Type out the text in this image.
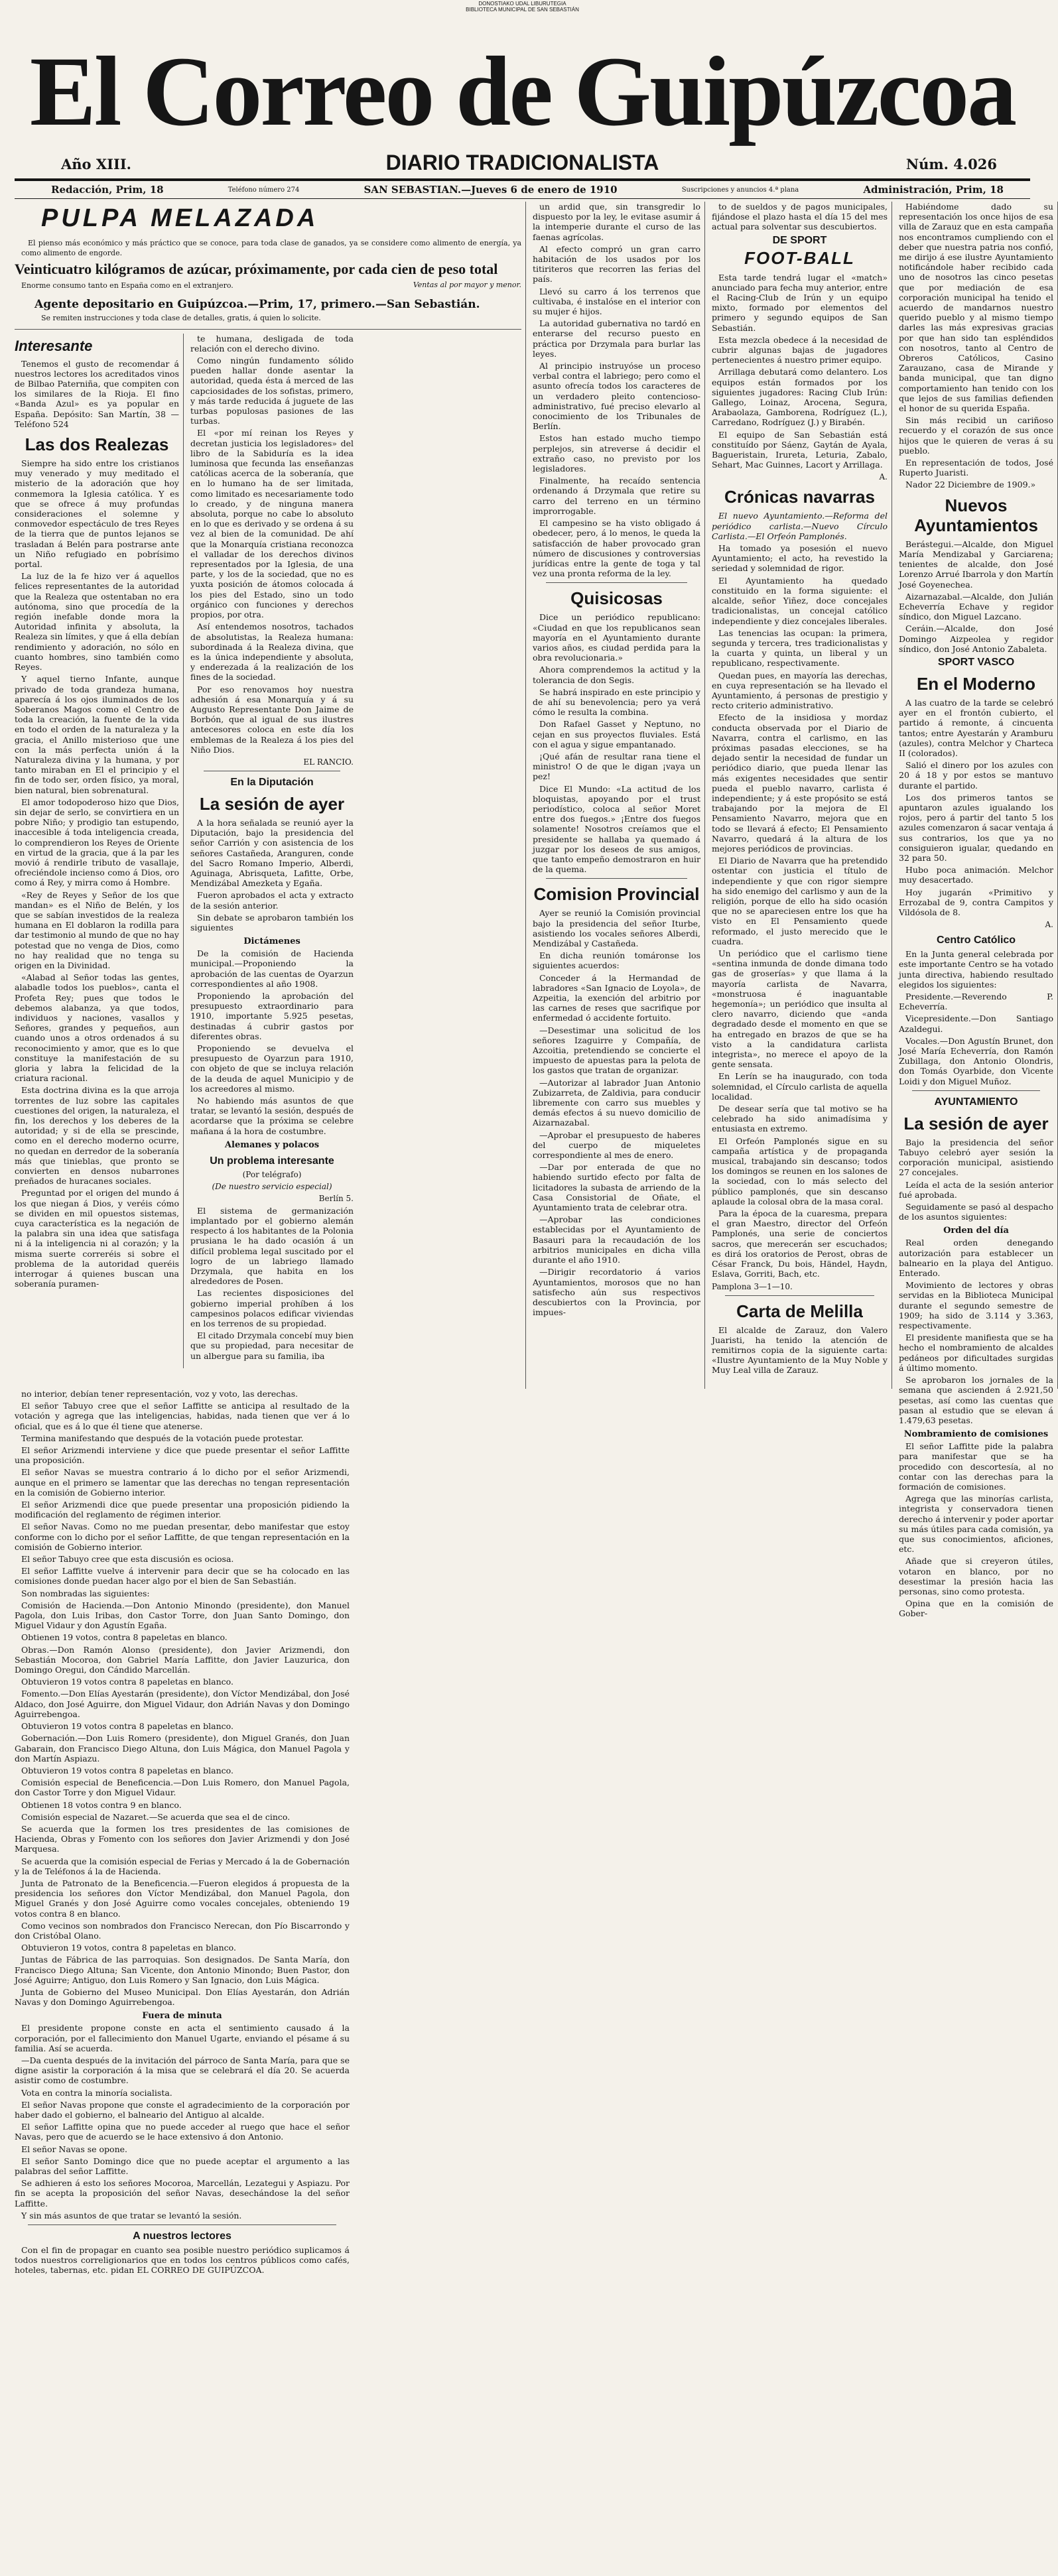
DONOSTIAKO UDAL LIBURUTEGIA
BIBLIOTECA MUNICIPAL DE SAN SEBASTIÁN
El Correo de Guipúzcoa
Año XIII.	DIARIO TRADICIONALISTA	Núm. 4.026
Redacción, Prim, 18	Teléfono número 274	SAN SEBASTIAN.—Jueves 6 de enero de 1910	Suscripciones y anuncios 4.ª plana	Administración, Prim, 18
PULPA MELAZADA

El pienso más económico y más práctico que se conoce, para toda clase de ganados, ya se considere como alimento de energía, ya como alimento de engorde.

Veinticuatro kilógramos de azúcar, próximamente, por cada cien de peso total
Ventas al por mayor y menor.

Enorme consumo tanto en España como en el extranjero.

Agente depositario en Guipúzcoa.—Prim, 17, primero.—San Sebastián.
Se remiten instrucciones y toda clase de detalles, gratis, á quien lo solicite.
Interesante

Tenemos el gusto de recomendar á nuestros lectores los acreditados vinos de Bilbao Paterniña, que compiten con los similares de la Rioja. El fino «Banda Azul» es ya popular en España. Depósito: San Martín, 38 — Teléfono 524

Las dos Realezas

Siempre ha sido entre los cristianos muy venerado y muy meditado el misterio de la adoración que hoy conmemora la Iglesia católica. Y es que se ofrece á muy profundas consideraciones el solemne y conmovedor espectáculo de tres Reyes de la tierra que de puntos lejanos se trasladan á Belén para postrarse ante un Niño refugiado en pobrísimo portal.

La luz de la fe hizo ver á aquellos felices representantes de la autoridad que la Realeza que ostentaban no era autónoma, sino que procedía de la región inefable donde mora la Autoridad infinita y absoluta, la Realeza sin límites, y que á ella debían rendimiento y adoración, no sólo en cuanto hombres, sino también como Reyes.

Y aquel tierno Infante, aunque privado de toda grandeza humana, aparecía á los ojos iluminados de los Soberanos Magos como el Centro de toda la creación, la fuente de la vida en todo el orden de la naturaleza y la gracia, el Anillo misterioso que une con la más perfecta unión á la Naturaleza divina y la humana, y por tanto miraban en El el principio y el fin de todo ser, orden físico, ya moral, bien natural, bien sobrenatural.

El amor todopoderoso hizo que Dios, sin dejar de serlo, se convirtiera en un pobre Niño; y prodigio tan estupendo, inaccesible á toda inteligencia creada, lo comprendieron los Reyes de Oriente en virtud de la gracia, que á la par les movió á rendirle tributo de vasallaje, ofreciéndole incienso como á Dios, oro como á Rey, y mirra como á Hombre.

«Rey de Reyes y Señor de los que mandan» es el Niño de Belén, y los que se sabían investidos de la realeza humana en El doblaron la rodilla para dar testimonio al mundo de que no hay potestad que no venga de Dios, como no hay realidad que no tenga su origen en la Divinidad.

«Alabad al Señor todas las gentes, alabadle todos los pueblos», canta el Profeta Rey; pues que todos le debemos alabanza, ya que todos, individuos y naciones, vasallos y Señores, grandes y pequeños, aun cuando unos a otros ordenados á su reconocimiento y amor, que es lo que constituye la manifestación de su gloria y labra la felicidad de la criatura racional.

Esta doctrina divina es la que arroja torrentes de luz sobre las capitales cuestiones del origen, la naturaleza, el fin, los derechos y los deberes de la autoridad; y si de ella se prescinde, como en el derecho moderno ocurre, no quedan en derredor de la soberanía más que tinieblas, que pronto se convierten en densos nubarrones preñados de huracanes sociales.

Preguntad por el origen del mundo á los que niegan á Dios, y veréis cómo se dividen en mil opuestos sistemas, cuya característica es la negación de la palabra sin una idea que satisfaga ni á la inteligencia ni al corazón; y la misma suerte correréis si sobre el problema de la autoridad queréis interrogar á quienes buscan una soberanía puramen-

te humana, desligada de toda relación con el derecho divino.

Como ningún fundamento sólido pueden hallar donde asentar la autoridad, queda ésta á merced de las capciosidades de los sofistas, primero, y más tarde reducida á juguete de las turbas populosas pasiones de las turbas.

El «por mí reinan los Reyes y decretan justicia los legisladores» del libro de la Sabiduría es la idea luminosa que fecunda las enseñanzas católicas acerca de la soberanía, que en lo humano ha de ser limitada, como limitado es necesariamente todo lo creado, y de ninguna manera absoluta, porque no cabe lo absoluto en lo que es derivado y se ordena á su vez al bien de la comunidad. De ahí que la Monarquía cristiana reconozca el valladar de los derechos divinos representados por la Iglesia, de una parte, y los de la sociedad, que no es yuxta posición de átomos colocada á los pies del Estado, sino un todo orgánico con funciones y derechos propios, por otra.

Así entendemos nosotros, tachados de absolutistas, la Realeza humana: subordinada á la Realeza divina, que es la única independiente y absoluta, y enderezada á la realización de los fines de la sociedad.

Por eso renovamos hoy nuestra adhesión á esa Monarquía y á su Augusto Representante Don Jaime de Borbón, que al igual de sus ilustres antecesores coloca en este día los emblemas de la Realeza á los pies del Niño Dios.

EL RANCIO.
En la Diputación
La sesión de ayer

A la hora señalada se reunió ayer la Diputación, bajo la presidencia del señor Carrión y con asistencia de los señores Castañeda, Aranguren, conde del Sacro Romano Imperio, Alberdi, Aguinaga, Abrisqueta, Lafitte, Orbe, Mendizábal Amezketa y Egaña.

Fueron aprobados el acta y extracto de la sesión anterior.

Sin debate se aprobaron también los siguientes

Dictámenes

De la comisión de Hacienda municipal.—Proponiendo la aprobación de las cuentas de Oyarzun correspondientes al año 1908.

Proponiendo la aprobación del presupuesto extraordinario para 1910, importante 5.925 pesetas, destinadas á cubrir gastos por diferentes obras.

Proponiendo se devuelva el presupuesto de Oyarzun para 1910, con objeto de que se incluya relación de la deuda de aquel Municipio y de los acreedores al mismo.

No habiendo más asuntos de que tratar, se levantó la sesión, después de acordarse que la próxima se celebre mañana á la hora de costumbre.

Alemanes y polacos
Un problema interesante
(Por telégrafo)
(De nuestro servicio especial)
Berlín 5.

El sistema de germanización implantado por el gobierno alemán respecto á los habitantes de la Polonia prusiana le ha dado ocasión á un difícil problema legal suscitado por el logro de un labriego llamado Drzymala, que habita en los alrededores de Posen.

Las recientes disposiciones del gobierno imperial prohíben á los campesinos polacos edificar viviendas en los terrenos de su propiedad.

El citado Drzymala concebí muy bien que su propiedad, para necesitar de un albergue para su familia, iba

un ardid que, sin transgredir lo dispuesto por la ley, le evitase asumir á la intemperie durante el curso de las faenas agrícolas.

Al efecto compró un gran carro habitación de los usados por los titiriteros que recorren las ferias del país.

Llevó su carro á los terrenos que cultivaba, é instalóse en el interior con su mujer é hijos.

La autoridad gubernativa no tardó en enterarse del recurso puesto en práctica por Drzymala para burlar las leyes.

Al principio instruyóse un proceso verbal contra el labriego; pero como el asunto ofrecía todos los caracteres de un verdadero pleito contencioso-administrativo, fué preciso elevarlo al conocimiento de los Tribunales de Berlín.

Estos han estado mucho tiempo perplejos, sin atreverse á decidir el extraño caso, no previsto por los legisladores.

Finalmente, ha recaído sentencia ordenando á Drzymala que retire su carro del terreno en un término improrrogable.

El campesino se ha visto obligado á obedecer, pero, á lo menos, le queda la satisfacción de haber provocado gran número de discusiones y controversias jurídicas entre la gente de toga y tal vez una pronta reforma de la ley.

Quisicosas

Dice un periódico republicano: «Ciudad en que los republicanos sean mayoría en el Ayuntamiento durante varios años, es ciudad perdida para la obra revolucionaria.»

Ahora comprendemos la actitud y la tolerancia de don Segis.

Se habrá inspirado en este principio y de ahí su benevolencia; pero ya verá cómo le resulta la combina.

Don Rafael Gasset y Neptuno, no cejan en sus proyectos fluviales. Está con el agua y sigue empantanado.

¡Qué afán de resultar rana tiene el ministro! O de que le digan ¡vaya un pez!

Dice El Mundo: «La actitud de los bloquistas, apoyando por el trust periodístico, coloca al señor Moret entre dos fuegos.» ¡Entre dos fuegos solamente! Nosotros creíamos que el presidente se hallaba ya quemado á juzgar por los deseos de sus amigos, que tanto empeño demostraron en huir de la quema.

Comision Provincial

Ayer se reunió la Comisión provincial bajo la presidencia del señor Iturbe, asistiendo los vocales señores Alberdi, Mendizábal y Castañeda.

En dicha reunión tomáronse los siguientes acuerdos:

Conceder á la Hermandad de labradores «San Ignacio de Loyola», de Azpeitia, la exención del arbitrio por las carnes de reses que sacrifique por enfermedad ó accidente fortuito.

—Desestimar una solicitud de los señores Izaguirre y Compañía, de Azcoitia, pretendiendo se concierte el impuesto de apuestas para la pelota de los gastos que tratan de organizar.

—Autorizar al labrador Juan Antonio Zubizarreta, de Zaldivia, para conducir libremente con carro sus muebles y demás efectos á su nuevo domicilio de Aizarnazabal.

—Aprobar el presupuesto de haberes del cuerpo de miqueletes correspondiente al mes de enero.

—Dar por enterada de que no habiendo surtido efecto por falta de licitadores la subasta de arriendo de la Casa Consistorial de Oñate, el Ayuntamiento trata de celebrar otra.

—Aprobar las condiciones establecidas por el Ayuntamiento de Basauri para la recaudación de los arbitrios municipales en dicha villa durante el año 1910.

—Dirigir recordatorio á varios Ayuntamientos, morosos que no han satisfecho aún sus respectivos descubiertos con la Provincia, por impues-

to de sueldos y de pagos municipales, fijándose el plazo hasta el día 15 del mes actual para solventar sus descubiertos.

DE SPORT
FOOT-BALL

Esta tarde tendrá lugar el «match» anunciado para fecha muy anterior, entre el Racing-Club de Irún y un equipo mixto, formado por elementos del primero y segundo equipos de San Sebastián.

Esta mezcla obedece á la necesidad de cubrir algunas bajas de jugadores pertenecientes á nuestro primer equipo.

Arrillaga debutará como delantero. Los equipos están formados por los siguientes jugadores: Racing Club Irún: Gallego, Loinaz, Arocena, Segura, Arabaolaza, Gamborena, Rodríguez (L.), Carredano, Rodríguez (J.) y Birabén.

El equipo de San Sebastián está constituído por Sáenz, Gaytán de Ayala, Bagueristain, Irureta, Leturia, Zabalo, Sehart, Mac Guinnes, Lacort y Arrillaga.

A.
Crónicas navarras

El nuevo Ayuntamiento.—Reforma del periódico carlista.—Nuevo Círculo Carlista.—El Orfeón Pamplonés.

Ha tomado ya posesión el nuevo Ayuntamiento; el acto, ha revestido la seriedad y solemnidad de rigor.

El Ayuntamiento ha quedado constituido en la forma siguiente: el alcalde, señor Yiñez, doce concejales tradicionalistas, un concejal católico independiente y diez concejales liberales.

Las tenencias las ocupan: la primera, segunda y tercera, tres tradicionalistas y la cuarta y quinta, un liberal y un republicano, respectivamente.

Quedan pues, en mayoría las derechas, en cuya representación se ha llevado el Ayuntamiento, á personas de prestigio y recto criterio administrativo.

Efecto de la insidiosa y mordaz conducta observada por el Diario de Navarra, contra el carlismo, en las próximas pasadas elecciones, se ha dejado sentir la necesidad de fundar un periódico diario, que pueda llenar las más exigentes necesidades que sentir pueda el pueblo navarro, carlista é independiente; y á este propósito se está trabajando por la mejora de El Pensamiento Navarro, mejora que en todo se llevará á efecto; El Pensamiento Navarro, quedará á la altura de los mejores periódicos de provincias.

El Diario de Navarra que ha pretendido ostentar con justicia el título de independiente y que con rigor siempre ha sido enemigo del carlismo y aun de la religión, porque de ello ha sido ocasión que no se apareciesen entre los que ha visto en El Pensamiento quede reformado, el justo merecido que le cuadra.

Un periódico que el carlismo tiene «sentina inmunda de donde dimana todo gas de groserías» y que llama á la mayoría carlista de Navarra, «monstruosa é inaguantable hegemonía»; un periódico que insulta al clero navarro, diciendo que «anda degradado desde el momento en que se ha entregado en brazos de que se ha visto a la candidatura carlista integrista», no merece el apoyo de la gente sensata.

En Lerín se ha inaugurado, con toda solemnidad, el Círculo carlista de aquella localidad.

De desear sería que tal motivo se ha celebrado ha sido animadísima y entusiasta en extremo.

El Orfeón Pamplonés sigue en su campaña artística y de propaganda musical, trabajando sin descanso; todos los domingos se reunen en los salones de la sociedad, con lo más selecto del público pamplonés, que sin descanso aplaude la colosal obra de la masa coral.

Para la época de la cuaresma, prepara el gran Maestro, director del Orfeón Pamplonés, una serie de conciertos sacros, que merecerán ser escuchados; es dirá los oratorios de Perost, obras de César Franck, Du bois, Händel, Haydn, Eslava, Gorriti, Bach, etc.

Pamplona 3—1—10.
Carta de Melilla

El alcalde de Zarauz, don Valero Juaristi, ha tenido la atención de remitirnos copia de la siguiente carta: «Ilustre Ayuntamiento de la Muy Noble y Muy Leal villa de Zarauz.

Habiéndome dado su representación los once hijos de esa villa de Zarauz que en esta campaña nos encontramos cumpliendo con el deber que nuestra patria nos confió, me dirijo á ese ilustre Ayuntamiento notificándole haber recibido cada uno de nosotros las cinco pesetas que por mediación de esa corporación municipal ha tenido el acuerdo de mandarnos nuestro querido pueblo y al mismo tiempo darles las más expresivas gracias por que han sido tan espléndidos con nosotros, tanto al Centro de Obreros Católicos, Casino Zarauzano, casa de Mirande y banda municipal, que tan digno comportamiento han tenido con los que lejos de sus familias defienden el honor de su querida España.

Sin más recibid un cariñoso recuerdo y el corazón de sus once hijos que le quieren de veras á su pueblo.

En representación de todos, José Ruperto Juaristi.

Nador 22 Diciembre de 1909.»

Nuevos Ayuntamientos

Berástegui.—Alcalde, don Miguel María Mendizabal y Garciarena; tenientes de alcalde, don José Lorenzo Arrué Ibarrola y don Martín José Goyenechea.

Aizarnazabal.—Alcalde, don Julián Echeverría Echave y regidor síndico, don Miguel Lazcano.

Ceráin.—Alcalde, don José Domingo Aizpeolea y regidor síndico, don José Antonio Zabaleta.

SPORT VASCO
En el Moderno

A las cuatro de la tarde se celebró ayer en el frontón cubierto, el partido á remonte, á cincuenta tantos; entre Ayestarán y Aramburu (azules), contra Melchor y Charteca II (colorados).

Salió el dinero por los azules con 20 á 18 y por estos se mantuvo durante el partido.

Los dos primeros tantos se apuntaron azules igualando los rojos, pero á partir del tanto 5 los azules comenzaron á sacar ventaja á sus contrarios, los que ya no consiguieron igualar, quedando en 32 para 50.

Hubo poca animación. Melchor muy desacertado.

Hoy jugarán «Primitivo y Errozabal de 9, contra Campitos y Vildósola de 8.

A.
Centro Católico

En la Junta general celebrada por este importante Centro se ha votado junta directiva, habiendo resultado elegidos los siguientes:

Presidente.—Reverendo P. Echeverría.

Vicepresidente.—Don Santiago Azaldegui.

Vocales.—Don Agustín Brunet, don José María Echeverría, don Ramón Zubillaga, don Antonio Olondris, don Tomás Oyarbide, don Vicente Loidi y don Miguel Muñoz.

AYUNTAMIENTO
La sesión de ayer

Bajo la presidencia del señor Tabuyo celebró ayer sesión la corporación municipal, asistiendo 27 concejales.

Leída el acta de la sesión anterior fué aprobada.

Seguidamente se pasó al despacho de los asuntos siguientes:

Orden del día

Real orden denegando autorización para establecer un balneario en la playa del Antiguo. Enterado.

Movimiento de lectores y obras servidas en la Biblioteca Municipal durante el segundo semestre de 1909; ha sido de 3.114 y 3.363, respectivamente.

El presidente manifiesta que se ha hecho el nombramiento de alcaldes pedáneos por dificultades surgidas á último momento.

Se aprobaron los jornales de la semana que ascienden á 2.921,50 pesetas, así como las cuentas que pasan al estudio que se elevan á 1.479,63 pesetas.

Nombramiento de comisiones

El señor Laffitte pide la palabra para manifestar que se ha procedido con descortesía, al no contar con las derechas para la formación de comisiones.

Agrega que las minorías carlista, integrista y conservadora tienen derecho á intervenir y poder aportar su más útiles para cada comisión, ya que sus conocimientos, aficiones, etc.

Añade que si creyeron útiles, votaron en blanco, por no desestimar la presión hacia las personas, sino como protesta.

Opina que en la comisión de Gober-

no interior, debían tener representación, voz y voto, las derechas.

El señor Tabuyo cree que el señor Laffitte se anticipa al resultado de la votación y agrega que las inteligencias, habidas, nada tienen que ver á lo oficial, que es á lo que él tiene que atenerse.

Termina manifestando que después de la votación puede protestar.

El señor Arizmendi interviene y dice que puede presentar el señor Laffitte una proposición.

El señor Navas se muestra contrario á lo dicho por el señor Arizmendi, aunque en el primero se lamentar que las derechas no tengan representación en la comisión de Gobierno interior.

El señor Arizmendi dice que puede presentar una proposición pidiendo la modificación del reglamento de régimen interior.

El señor Navas. Como no me puedan presentar, debo manifestar que estoy conforme con lo dicho por el señor Laffitte, de que tengan representación en la comisión de Gobierno interior.

El señor Tabuyo cree que esta discusión es ociosa.

El señor Laffitte vuelve á intervenir para decir que se ha colocado en las comisiones donde puedan hacer algo por el bien de San Sebastián.

Son nombradas las siguientes:

Comisión de Hacienda.—Don Antonio Minondo (presidente), don Manuel Pagola, don Luis Iribas, don Castor Torre, don Juan Santo Domingo, don Miguel Vidaur y don Agustín Egaña.

Obtienen 19 votos, contra 8 papeletas en blanco.

Obras.—Don Ramón Alonso (presidente), don Javier Arizmendi, don Sebastián Mocoroa, don Gabriel María Laffitte, don Javier Lauzurica, don Domingo Oregui, don Cándido Marcellán.

Obtuvieron 19 votos contra 8 papeletas en blanco.

Fomento.—Don Elías Ayestarán (presidente), don Víctor Mendizábal, don José Aldaco, don José Aguirre, don Miguel Vidaur, don Adrián Navas y don Domingo Aguirrebengoa.

Obtuvieron 19 votos contra 8 papeletas en blanco.

Gobernación.—Don Luis Romero (presidente), don Miguel Granés, don Juan Gabarain, don Francisco Diego Altuna, don Luis Mágica, don Manuel Pagola y don Martín Aspiazu.

Obtuvieron 19 votos contra 8 papeletas en blanco.

Comisión especial de Beneficencia.—Don Luis Romero, don Manuel Pagola, don Castor Torre y don Miguel Vidaur.

Obtienen 18 votos contra 9 en blanco.

Comisión especial de Nazaret.—Se acuerda que sea el de cinco.

Se acuerda que la formen los tres presidentes de las comisiones de Hacienda, Obras y Fomento con los señores don Javier Arizmendi y don José Marquesa.

Se acuerda que la comisión especial de Ferias y Mercado á la de Gobernación y la de Teléfonos á la de Hacienda.

Junta de Patronato de la Beneficencia.—Fueron elegidos á propuesta de la presidencia los señores don Víctor Mendizábal, don Manuel Pagola, don Miguel Granés y don José Aguirre como vocales concejales, obteniendo 19 votos contra 8 en blanco.

Como vecinos son nombrados don Francisco Nerecan, don Pío Biscarrondo y don Cristóbal Olano.

Obtuvieron 19 votos, contra 8 papeletas en blanco.

Juntas de Fábrica de las parroquias. Son designados. De Santa María, don Francisco Diego Altuna; San Vicente, don Antonio Minondo; Buen Pastor, don José Aguirre; Antiguo, don Luis Romero y San Ignacio, don Luis Mágica.

Junta de Gobierno del Museo Municipal. Don Elías Ayestarán, don Adrián Navas y don Domingo Aguirrebengoa.

Fuera de minuta

El presidente propone conste en acta el sentimiento causado á la corporación, por el fallecimiento don Manuel Ugarte, enviando el pésame á su familia. Así se acuerda.

—Da cuenta después de la invitación del párroco de Santa María, para que se digne asistir la corporación á la misa que se celebrará el día 20. Se acuerda asistir como de costumbre.

Vota en contra la minoría socialista.

El señor Navas propone que conste el agradecimiento de la corporación por haber dado el gobierno, el balneario del Antiguo al alcalde.

El señor Laffitte opina que no puede acceder al ruego que hace el señor Navas, pero que de acuerdo se le hace extensivo á don Antonio.

El señor Navas se opone.

El señor Santo Domingo dice que no puede aceptar el argumento a las palabras del señor Laffitte.

Se adhieren á esto los señores Mocoroa, Marcellán, Lezategui y Aspiazu. Por fin se acepta la proposición del señor Navas, desechándose la del señor Laffitte.

Y sin más asuntos de que tratar se levantó la sesión.

A nuestros lectores

Con el fin de propagar en cuanto sea posible nuestro periódico suplicamos á todos nuestros correligionarios que en todos los centros públicos como cafés, hoteles, tabernas, etc. pidan EL CORREO DE GUIPÚZCOA.
